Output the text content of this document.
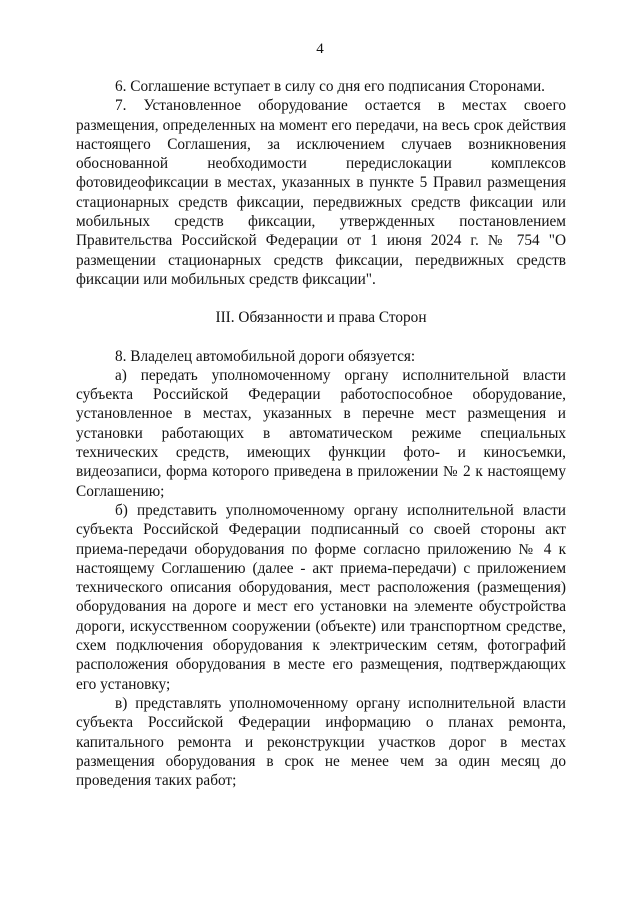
4

6. Соглашение вступает в силу со дня его подписания Сторонами.

7. Установленное оборудование остается в местах своего размещения, определенных на момент его передачи, на весь срок действия настоящего Соглашения, за исключением случаев возникновения обоснованной необходимости передислокации комплексов фотовидеофиксации в местах, указанных в пункте 5 Правил размещения стационарных средств фиксации, передвижных средств фиксации или мобильных средств фиксации, утвержденных постановлением Правительства Российской Федерации от 1 июня 2024 г. № 754 "О размещении стационарных средств фиксации, передвижных средств фиксации или мобильных средств фиксации".

III. Обязанности и права Сторон

8. Владелец автомобильной дороги обязуется:

а) передать уполномоченному органу исполнительной власти субъекта Российской Федерации работоспособное оборудование, установленное в местах, указанных в перечне мест размещения и установки работающих в автоматическом режиме специальных технических средств, имеющих функции фото- и киносъемки, видеозаписи, форма которого приведена в приложении № 2 к настоящему Соглашению;

б) представить уполномоченному органу исполнительной власти субъекта Российской Федерации подписанный со своей стороны акт приема-передачи оборудования по форме согласно приложению № 4 к настоящему Соглашению (далее - акт приема-передачи) с приложением технического описания оборудования, мест расположения (размещения) оборудования на дороге и мест его установки на элементе обустройства дороги, искусственном сооружении (объекте) или транспортном средстве, схем подключения оборудования к электрическим сетям, фотографий расположения оборудования в месте его размещения, подтверждающих его установку;

в) представлять уполномоченному органу исполнительной власти субъекта Российской Федерации информацию о планах ремонта, капитального ремонта и реконструкции участков дорог в местах размещения оборудования в срок не менее чем за один месяц до проведения таких работ;
